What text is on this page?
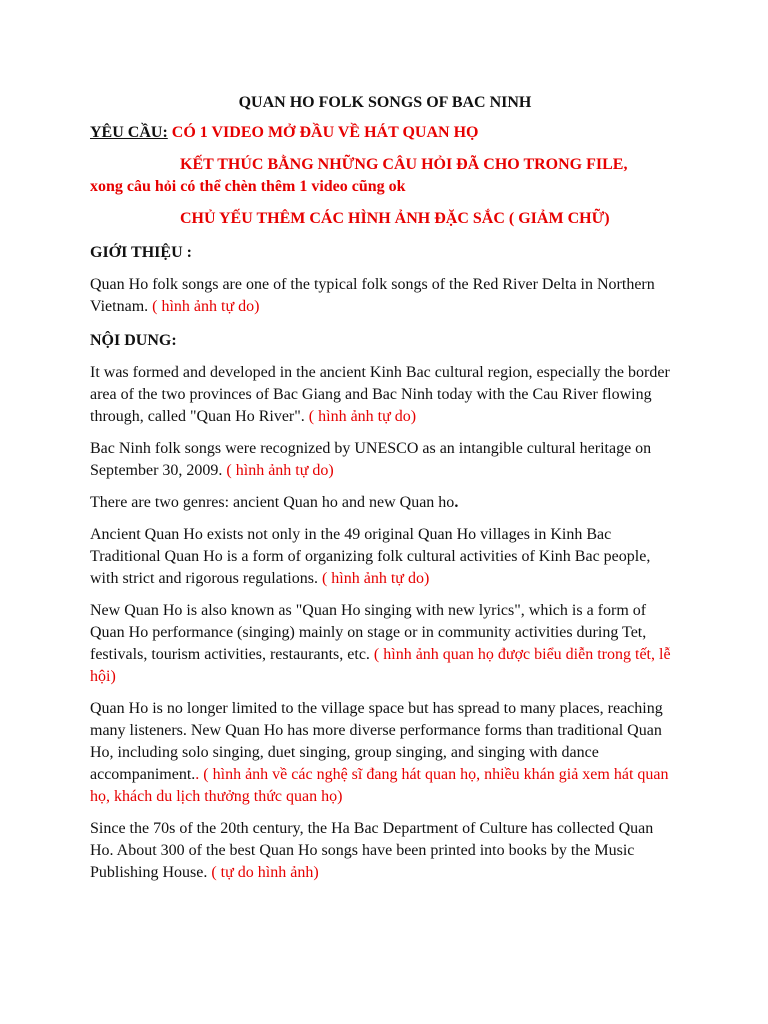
QUAN HO FOLK SONGS OF BAC NINH
YÊU CẦU: CÓ 1 VIDEO MỞ ĐẦU VỀ HÁT QUAN HỌ
KẾT THÚC BẰNG NHỮNG CÂU HỎI ĐÃ CHO TRONG FILE,
xong câu hỏi có thể chèn thêm 1 video cũng ok
CHỦ YẾU THÊM CÁC HÌNH ẢNH ĐẶC SẮC ( GIẢM CHỮ)
GIỚI THIỆU :

Quan Ho folk songs are one of the typical folk songs of the Red River Delta in Northern Vietnam. ( hình ảnh tự do)

NỘI DUNG:

It was formed and developed in the ancient Kinh Bac cultural region, especially the border area of the two provinces of Bac Giang and Bac Ninh today with the Cau River flowing through, called "Quan Ho River". ( hình ảnh tự do)

Bac Ninh folk songs were recognized by UNESCO as an intangible cultural heritage on September 30, 2009. ( hình ảnh tự do)

There are two genres: ancient Quan ho and new Quan ho.

Ancient Quan Ho exists not only in the 49 original Quan Ho villages in Kinh Bac Traditional Quan Ho is a form of organizing folk cultural activities of Kinh Bac people, with strict and rigorous regulations. ( hình ảnh tự do)

New Quan Ho is also known as "Quan Ho singing with new lyrics", which is a form of Quan Ho performance (singing) mainly on stage or in community activities during Tet, festivals, tourism activities, restaurants, etc. ( hình ảnh quan họ được biểu diễn trong tết, lễ hội)

Quan Ho is no longer limited to the village space but has spread to many places, reaching many listeners. New Quan Ho has more diverse performance forms than traditional Quan Ho, including solo singing, duet singing, group singing, and singing with dance accompaniment.. ( hình ảnh về các nghệ sĩ đang hát quan họ, nhiều khán giả xem hát quan họ, khách du lịch thưởng thức quan họ)

Since the 70s of the 20th century, the Ha Bac Department of Culture has collected Quan Ho. About 300 of the best Quan Ho songs have been printed into books by the Music Publishing House. ( tự do hình ảnh)
